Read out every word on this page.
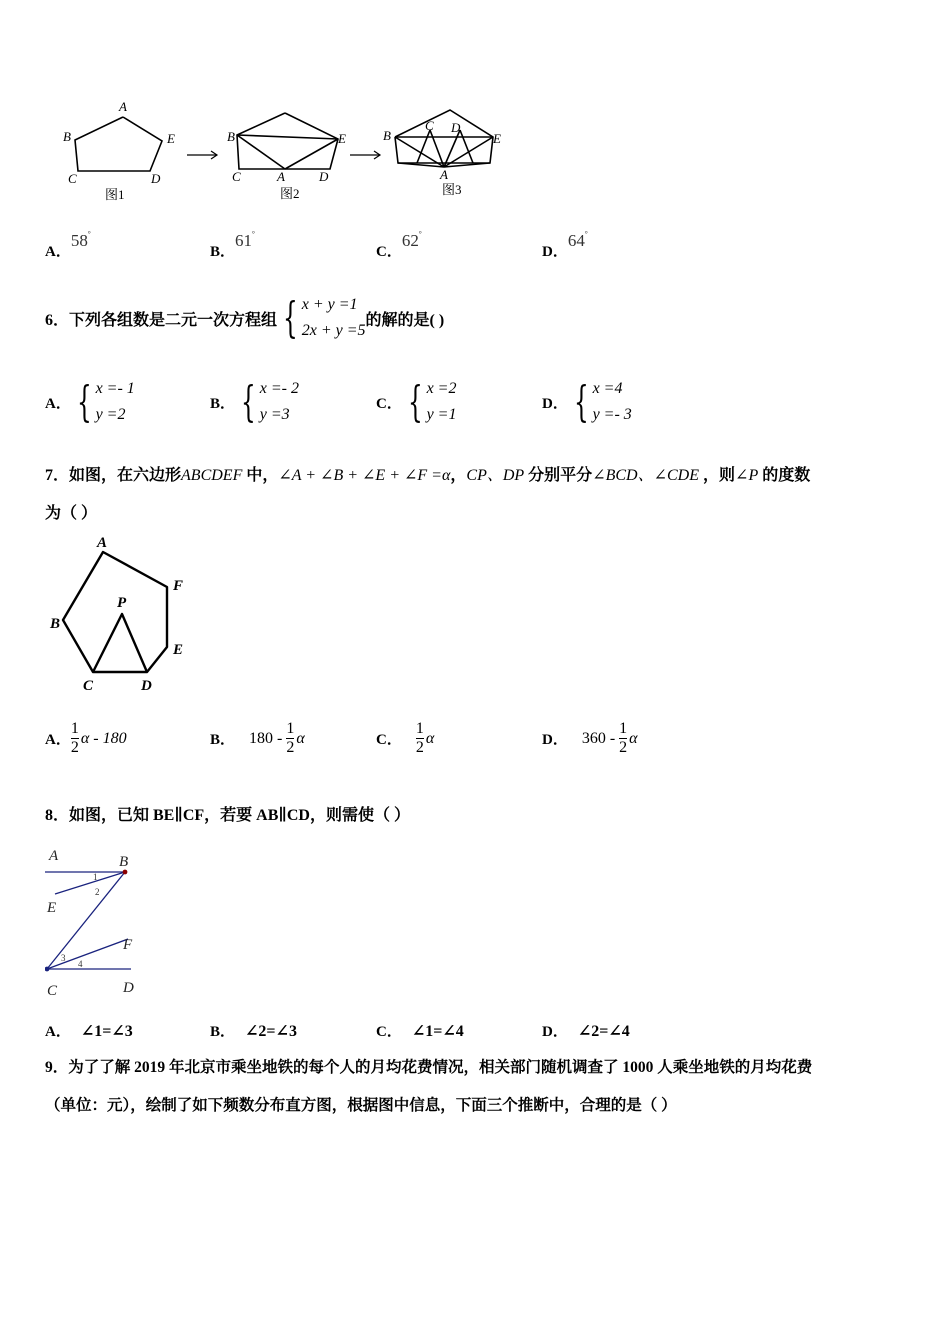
A
B
C	D
E
图1
B	E
C	A	D
图2
B
C D
E
A
图3
A．58°
B．61°
C．62°
D．64°
6．下列各组数是二元一次方程组 { x + y =1
2x + y =5
的解的是( )
A． { x =- 1
y =2
B． { x =- 2
y =3
C． { x =2
y =1
D． { x =4
y =- 3
7．如图，在六边形ABCDEF 中，∠A + ∠B + ∠E + ∠F =α，CP、DP 分别平分∠BCD、∠CDE ，则∠P 的度数
为（ ）
A
F
P
B
E
C	D
A． $\frac{1}{2}$ α - 180	B． $180 - \frac{1}{2}$ α	C． $\frac{1}{2}$ α	D． $360 - \frac{1}{2}$ α
8．如图，已知 BE∥CF，若要 AB∥CD，则需使（ ）
A	B
E
F
C	D
1
2
3
4
A． ∠1=∠3	B． ∠2=∠3	C． ∠1=∠4	D． ∠2=∠4
9．为了了解 2019 年北京市乘坐地铁的每个人的月均花费情况，相关部门随机调查了 1000 人乘坐地铁的月均花费
（单位：元），绘制了如下频数分布直方图，根据图中信息，下面三个推断中，合理的是（ ）
